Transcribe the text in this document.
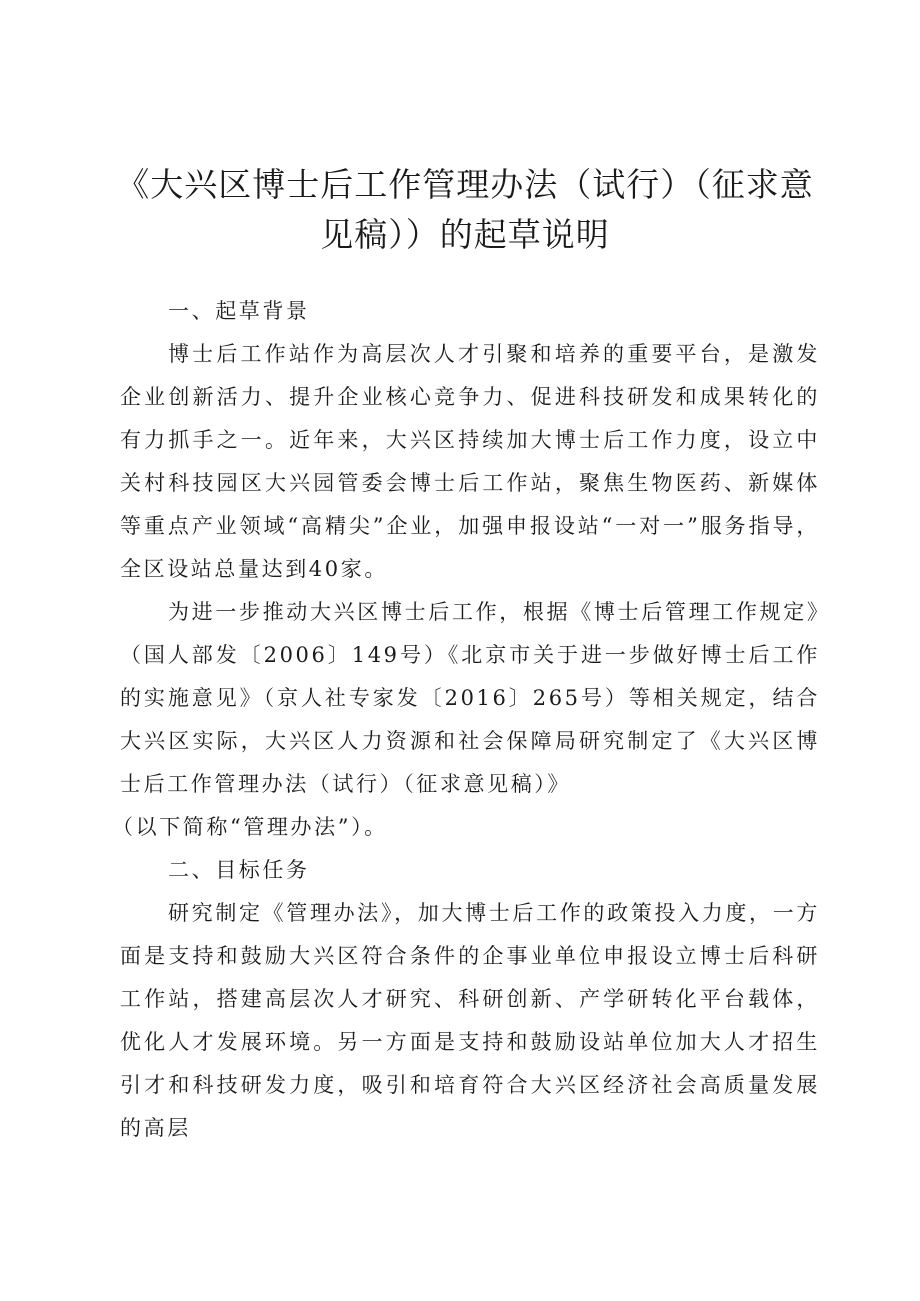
《大兴区博士后工作管理办法（试行）（征求意见稿））的起草说明

一、起草背景

博士后工作站作为高层次人才引聚和培养的重要平台，是激发企业创新活力、提升企业核心竞争力、促进科技研发和成果转化的有力抓手之一。近年来，大兴区持续加大博士后工作力度，设立中关村科技园区大兴园管委会博士后工作站，聚焦生物医药、新媒体等重点产业领域“高精尖”企业，加强申报设站“一对一”服务指导，全区设站总量达到40家。

为进一步推动大兴区博士后工作，根据《博士后管理工作规定》（国人部发〔2006〕149号）《北京市关于进一步做好博士后工作的实施意见》（京人社专家发〔2016〕265号）等相关规定，结合大兴区实际，大兴区人力资源和社会保障局研究制定了《大兴区博士后工作管理办法（试行）（征求意见稿）》

（以下简称“管理办法”）。

二、目标任务

研究制定《管理办法》，加大博士后工作的政策投入力度，一方面是支持和鼓励大兴区符合条件的企事业单位申报设立博士后科研工作站，搭建高层次人才研究、科研创新、产学研转化平台载体，优化人才发展环境。另一方面是支持和鼓励设站单位加大人才招生引才和科技研发力度，吸引和培育符合大兴区经济社会高质量发展的高层
